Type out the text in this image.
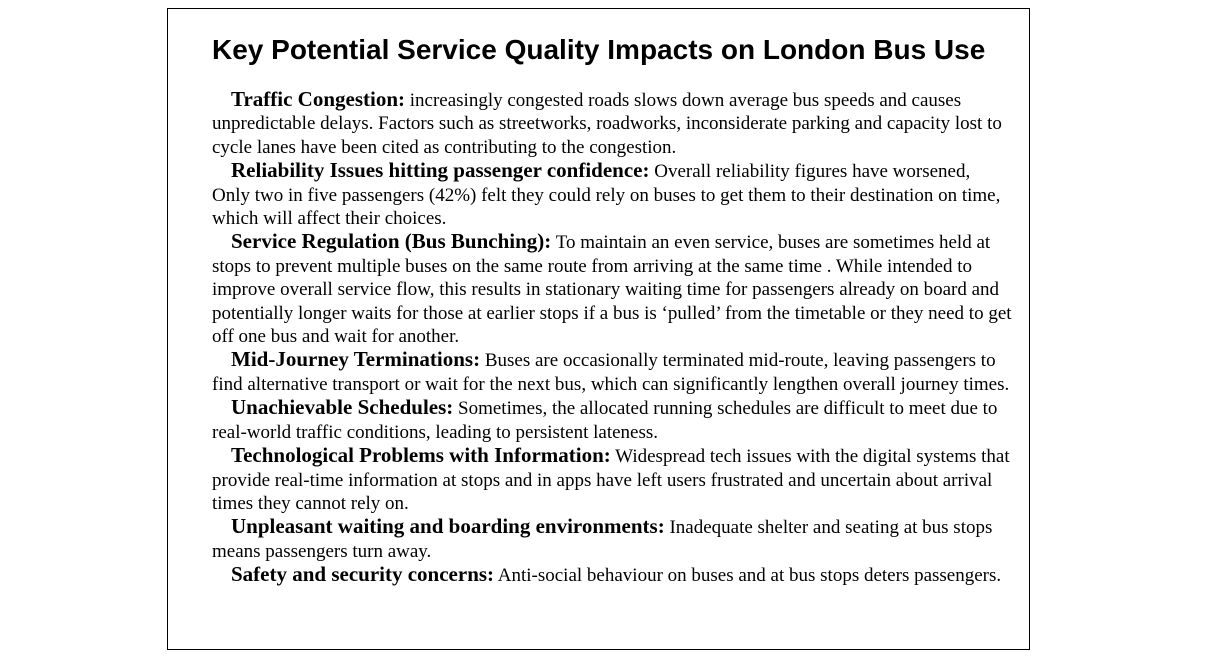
Key Potential Service Quality Impacts on London Bus Use

Traffic Congestion: increasingly congested roads slows down average bus speeds and causes unpredictable delays. Factors such as streetworks, roadworks, inconsiderate parking and capacity lost to cycle lanes have been cited as contributing to the congestion.

Reliability Issues hitting passenger confidence: Overall reliability figures have worsened, Only two in five passengers (42%) felt they could rely on buses to get them to their destination on time, which will affect their choices.

Service Regulation (Bus Bunching): To maintain an even service, buses are sometimes held at stops to prevent multiple buses on the same route from arriving at the same time . While intended to improve overall service flow, this results in stationary waiting time for passengers already on board and potentially longer waits for those at earlier stops if a bus is ‘pulled’ from the timetable or they need to get off one bus and wait for another.

Mid-Journey Terminations: Buses are occasionally terminated mid-route, leaving passengers to find alternative transport or wait for the next bus, which can significantly lengthen overall journey times.

Unachievable Schedules: Sometimes, the allocated running schedules are difficult to meet due to real-world traffic conditions, leading to persistent lateness.

Technological Problems with Information: Widespread tech issues with the digital systems that provide real-time information at stops and in apps have left users frustrated and uncertain about arrival times they cannot rely on.

Unpleasant waiting and boarding environments: Inadequate shelter and seating at bus stops means passengers turn away.

Safety and security concerns: Anti-social behaviour on buses and at bus stops deters passengers.
